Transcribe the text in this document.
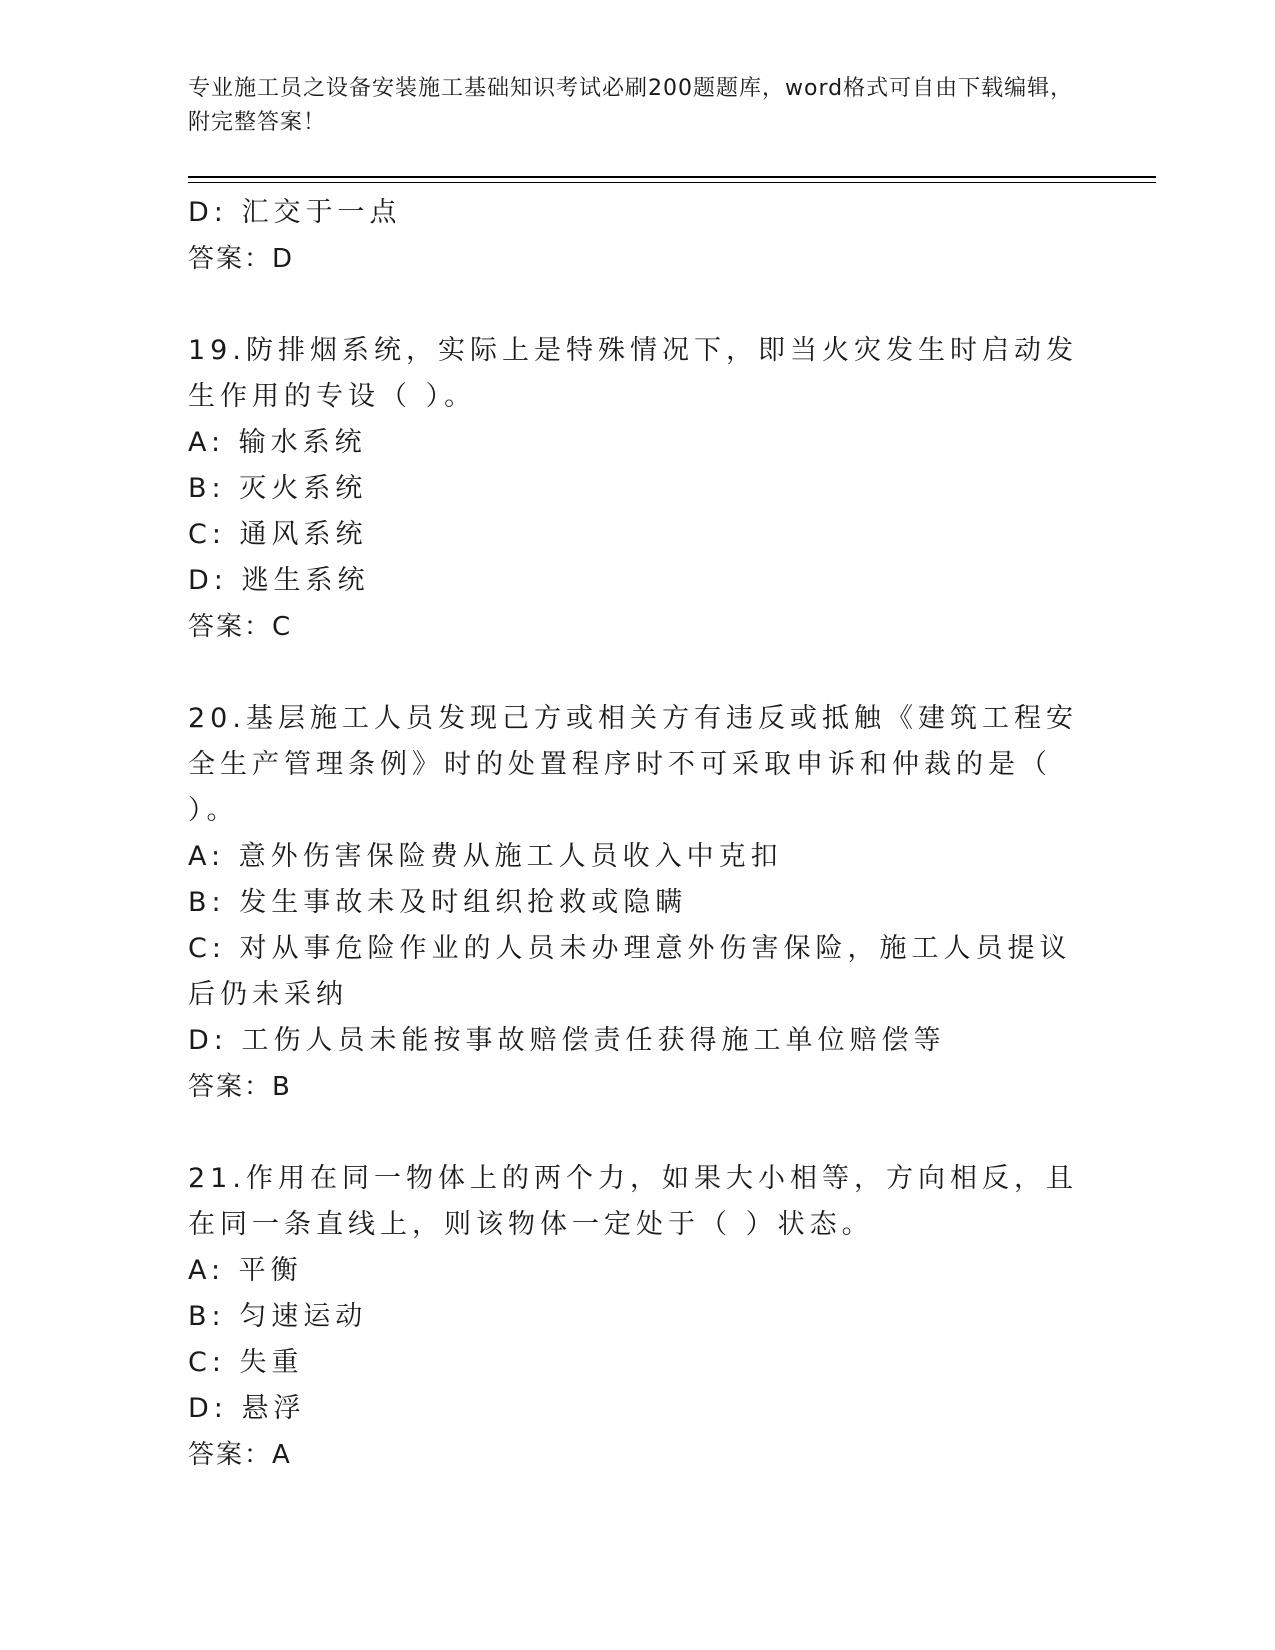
专业施工员之设备安装施工基础知识考试必刷200题题库，word格式可自由下载编辑，附完整答案！
D: 汇交于一点
答案：D
19.防排烟系统，实际上是特殊情况下，即当火灾发生时启动发生作用的专设（ ）。
A: 输水系统
B: 灭火系统
C: 通风系统
D: 逃生系统
答案：C
20.基层施工人员发现己方或相关方有违反或抵触《建筑工程安全生产管理条例》时的处置程序时不可采取申诉和仲裁的是（ ）。
A: 意外伤害保险费从施工人员收入中克扣
B: 发生事故未及时组织抢救或隐瞒
C: 对从事危险作业的人员未办理意外伤害保险，施工人员提议后仍未采纳
D: 工伤人员未能按事故赔偿责任获得施工单位赔偿等
答案：B
21.作用在同一物体上的两个力，如果大小相等，方向相反，且在同一条直线上，则该物体一定处于（ ）状态。
A: 平衡
B: 匀速运动
C: 失重
D: 悬浮
答案：A
